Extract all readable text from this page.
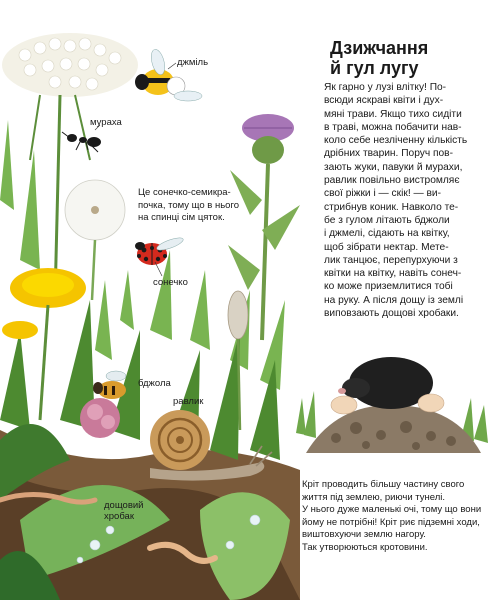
джміль
мураха
Це сонечко-семикра-
почка, тому що в нього
на спинці сім цяток.
сонечко
бджола
равлик
дощовий
хробак
Дзижчання
й гул лугу
Як гарно у лузі влітку! По-
всюди яскраві квіти і дух-
мяні трави. Якщо тихо сидіти
в траві, можна побачити нав-
коло себе незліченну кількість
дрібних тварин. Поруч пов-
зають жуки, павуки й мурахи,
равлик повільно вистромляє
свої ріжки і — скік! — ви-
стрибнув коник. Навколо те-
бе з гулом літають бджоли
і джмелі, сідають на квітку,
щоб зібрати нектар. Мете-
лик танцює, перепурхуючи з
квітки на квітку, навіть сонеч-
ко може приземлитися тобі
на руку. А після дощу із землі
виповзають дощові хробаки.
Кріт проводить більшу частину свого
життя під землею, риючи тунелі.
У нього дуже маленькі очі, тому що вони
йому не потрібні! Кріт риє підземні ходи,
виштовхуючи землю нагору.
Так утворюються кротовини.
